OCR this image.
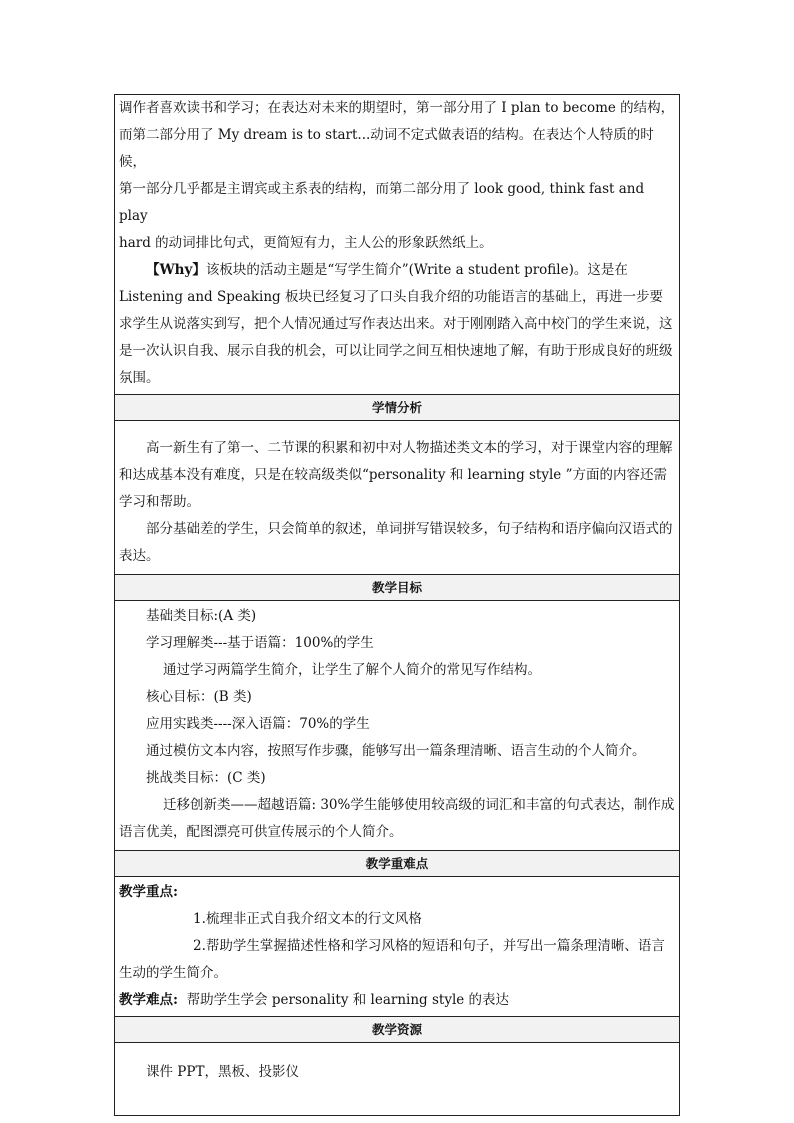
调作者喜欢读书和学习；在表达对未来的期望时，第一部分用了 I plan to become 的结构，

而第二部分用了 My dream is to start...动词不定式做表语的结构。在表达个人特质的时候，

第一部分几乎都是主谓宾或主系表的结构，而第二部分用了 look good, think fast and play

hard 的动词排比句式，更简短有力，主人公的形象跃然纸上。

【Why】该板块的活动主题是“写学生简介”(Write a student profile)。这是在 Listening and Speaking 板块已经复习了口头自我介绍的功能语言的基础上，再进一步要求学生从说落实到写，把个人情况通过写作表达出来。对于刚刚踏入高中校门的学生来说，这是一次认识自我、展示自我的机会，可以让同学之间互相快速地了解，有助于形成良好的班级氛围。

学情分析

高一新生有了第一、二节课的积累和初中对人物描述类文本的学习，对于课堂内容的理解和达成基本没有难度，只是在较高级类似“personality 和 learning style ”方面的内容还需学习和帮助。

部分基础差的学生，只会简单的叙述，单词拼写错误较多，句子结构和语序偏向汉语式的表达。

教学目标

基础类目标:(A 类)

学习理解类---基于语篇：100%的学生

通过学习两篇学生简介，让学生了解个人简介的常见写作结构。

核心目标：(B 类)

应用实践类----深入语篇：70%的学生

通过模仿文本内容，按照写作步骤，能够写出一篇条理清晰、语言生动的个人简介。

挑战类目标：(C 类)

迁移创新类——超越语篇: 30%学生能够使用较高级的词汇和丰富的句式表达，制作成语言优美，配图漂亮可供宣传展示的个人简介。

教学重难点

教学重点:

1.梳理非正式自我介绍文本的行文风格

2.帮助学生掌握描述性格和学习风格的短语和句子，并写出一篇条理清晰、语言生动的学生简介。

教学难点: 帮助学生学会 personality 和 learning style 的表达

教学资源

课件 PPT，黑板、投影仪
